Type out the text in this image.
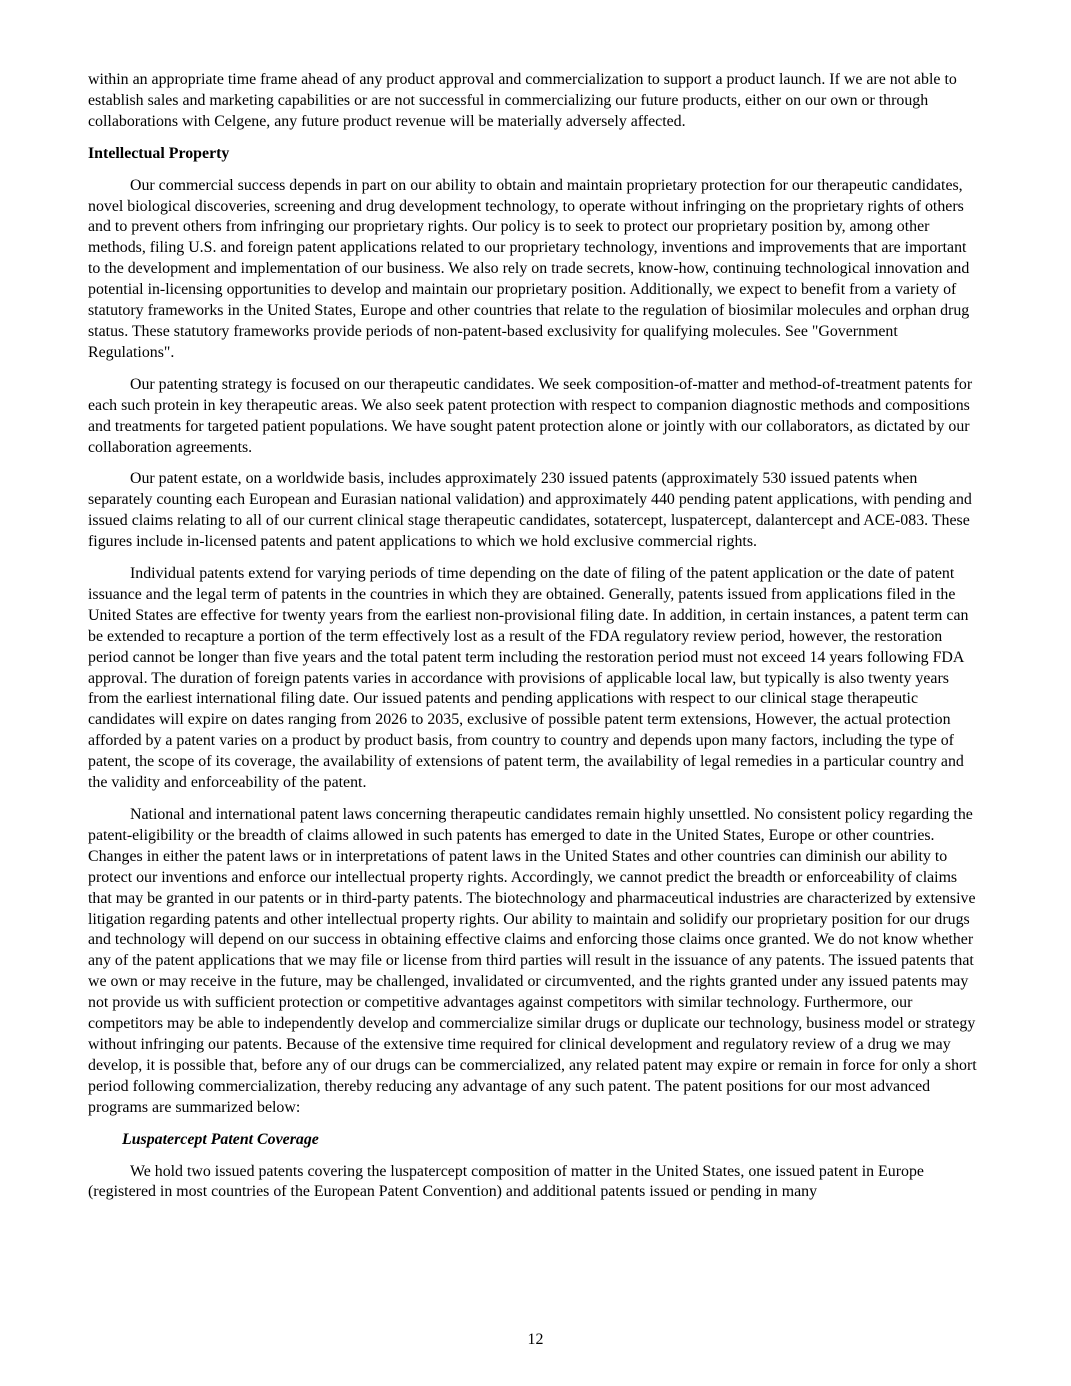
within an appropriate time frame ahead of any product approval and commercialization to support a product launch. If we are not able to establish sales and marketing capabilities or are not successful in commercializing our future products, either on our own or through collaborations with Celgene, any future product revenue will be materially adversely affected.

Intellectual Property

Our commercial success depends in part on our ability to obtain and maintain proprietary protection for our therapeutic candidates, novel biological discoveries, screening and drug development technology, to operate without infringing on the proprietary rights of others and to prevent others from infringing our proprietary rights. Our policy is to seek to protect our proprietary position by, among other methods, filing U.S. and foreign patent applications related to our proprietary technology, inventions and improvements that are important to the development and implementation of our business. We also rely on trade secrets, know-how, continuing technological innovation and potential in-licensing opportunities to develop and maintain our proprietary position. Additionally, we expect to benefit from a variety of statutory frameworks in the United States, Europe and other countries that relate to the regulation of biosimilar molecules and orphan drug status. These statutory frameworks provide periods of non-patent-based exclusivity for qualifying molecules. See "Government Regulations".

Our patenting strategy is focused on our therapeutic candidates. We seek composition-of-matter and method-of-treatment patents for each such protein in key therapeutic areas. We also seek patent protection with respect to companion diagnostic methods and compositions and treatments for targeted patient populations. We have sought patent protection alone or jointly with our collaborators, as dictated by our collaboration agreements.

Our patent estate, on a worldwide basis, includes approximately 230 issued patents (approximately 530 issued patents when separately counting each European and Eurasian national validation) and approximately 440 pending patent applications, with pending and issued claims relating to all of our current clinical stage therapeutic candidates, sotatercept, luspatercept, dalantercept and ACE-083. These figures include in-licensed patents and patent applications to which we hold exclusive commercial rights.

Individual patents extend for varying periods of time depending on the date of filing of the patent application or the date of patent issuance and the legal term of patents in the countries in which they are obtained. Generally, patents issued from applications filed in the United States are effective for twenty years from the earliest non-provisional filing date. In addition, in certain instances, a patent term can be extended to recapture a portion of the term effectively lost as a result of the FDA regulatory review period, however, the restoration period cannot be longer than five years and the total patent term including the restoration period must not exceed 14 years following FDA approval. The duration of foreign patents varies in accordance with provisions of applicable local law, but typically is also twenty years from the earliest international filing date. Our issued patents and pending applications with respect to our clinical stage therapeutic candidates will expire on dates ranging from 2026 to 2035, exclusive of possible patent term extensions, However, the actual protection afforded by a patent varies on a product by product basis, from country to country and depends upon many factors, including the type of patent, the scope of its coverage, the availability of extensions of patent term, the availability of legal remedies in a particular country and the validity and enforceability of the patent.

National and international patent laws concerning therapeutic candidates remain highly unsettled. No consistent policy regarding the patent-eligibility or the breadth of claims allowed in such patents has emerged to date in the United States, Europe or other countries. Changes in either the patent laws or in interpretations of patent laws in the United States and other countries can diminish our ability to protect our inventions and enforce our intellectual property rights. Accordingly, we cannot predict the breadth or enforceability of claims that may be granted in our patents or in third-party patents. The biotechnology and pharmaceutical industries are characterized by extensive litigation regarding patents and other intellectual property rights. Our ability to maintain and solidify our proprietary position for our drugs and technology will depend on our success in obtaining effective claims and enforcing those claims once granted. We do not know whether any of the patent applications that we may file or license from third parties will result in the issuance of any patents. The issued patents that we own or may receive in the future, may be challenged, invalidated or circumvented, and the rights granted under any issued patents may not provide us with sufficient protection or competitive advantages against competitors with similar technology. Furthermore, our competitors may be able to independently develop and commercialize similar drugs or duplicate our technology, business model or strategy without infringing our patents. Because of the extensive time required for clinical development and regulatory review of a drug we may develop, it is possible that, before any of our drugs can be commercialized, any related patent may expire or remain in force for only a short period following commercialization, thereby reducing any advantage of any such patent. The patent positions for our most advanced programs are summarized below:

Luspatercept Patent Coverage

We hold two issued patents covering the luspatercept composition of matter in the United States, one issued patent in Europe (registered in most countries of the European Patent Convention) and additional patents issued or pending in many

12
